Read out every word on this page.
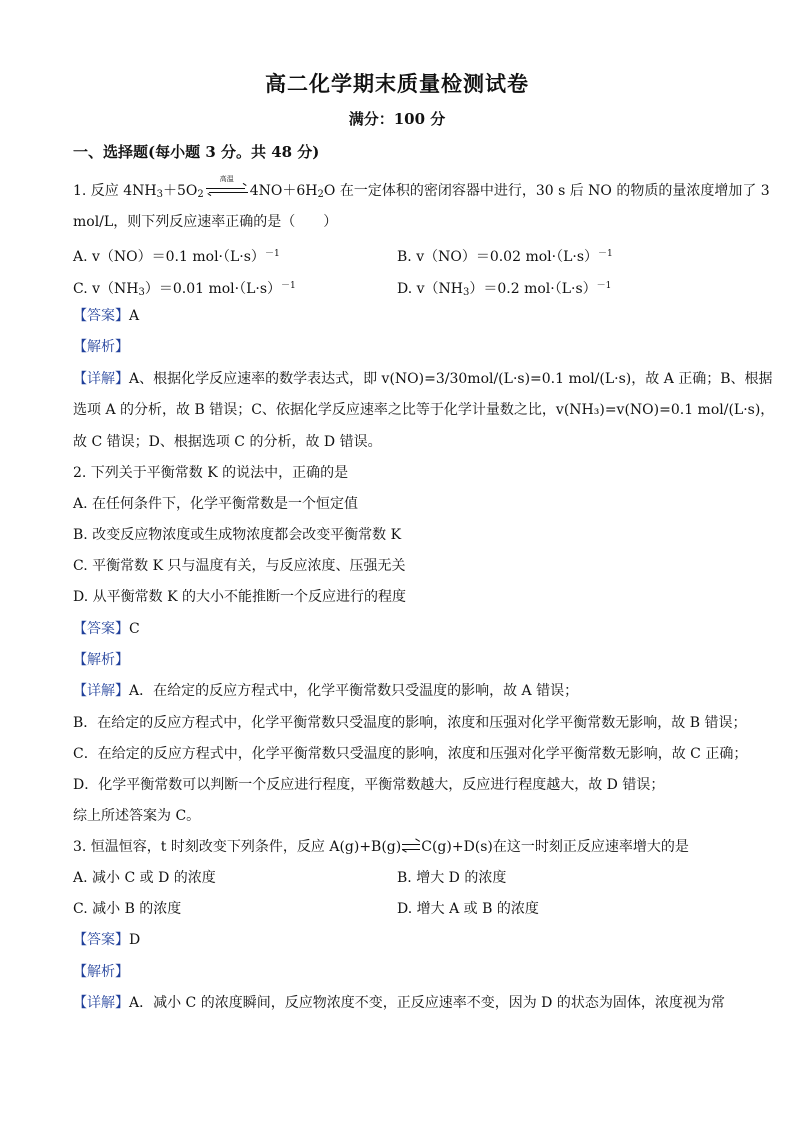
高二化学期末质量检测试卷
满分：100 分
一、选择题(每小题 3 分。共 48 分)
1. 反应 $4NH_3+5O_2$
高温
$4NO+6H_2O$ 在一定体积的密闭容器中进行，30 s 后 NO 的物质的量浓度增加了 3
mol/L，则下列反应速率正确的是（　　）
A. v（NO）＝0.1 $mol\cdot(L\cdot s)^{-1}$	B. v（NO）＝0.02 $mol\cdot(L\cdot s)^{-1}$
C. $v(NH_3)=0.01$ $mol\cdot(L\cdot s)^{-1}$	D. $v(NH_3)=0.2$ $mol\cdot(L\cdot s)^{-1}$
【答案】A
【解析】
【详解】A、根据化学反应速率的数学表达式，即 v(NO)=3/30mol/(L·s)=0.1 mol/(L·s)，故 A 正确；B、根据
选项 A 的分析，故 B 错误；C、依据化学反应速率之比等于化学计量数之比，v(NH₃)=v(NO)=0.1 mol/(L·s)，
故 C 错误；D、根据选项 C 的分析，故 D 错误。
2. 下列关于平衡常数 K 的说法中，正确的是
A. 在任何条件下，化学平衡常数是一个恒定值
B. 改变反应物浓度或生成物浓度都会改变平衡常数 K
C. 平衡常数 K 只与温度有关，与反应浓度、压强无关
D. 从平衡常数 K 的大小不能推断一个反应进行的程度
【答案】C
【解析】
【详解】A．在给定的反应方程式中，化学平衡常数只受温度的影响，故 A 错误；
B．在给定的反应方程式中，化学平衡常数只受温度的影响，浓度和压强对化学平衡常数无影响，故 B 错误；
C．在给定的反应方程式中，化学平衡常数只受温度的影响，浓度和压强对化学平衡常数无影响，故 C 正确；
D．化学平衡常数可以判断一个反应进行程度，平衡常数越大，反应进行程度越大，故 D 错误；
综上所述答案为 C。
3. 恒温恒容，t 时刻改变下列条件，反应 A(g)+B(g)⇌C(g)+D(s)在这一时刻正反应速率增大的是
A. 减小 C 或 D 的浓度	B. 增大 D 的浓度
C. 减小 B 的浓度	D. 增大 A 或 B 的浓度
【答案】D
【解析】
【详解】A．减小 C 的浓度瞬间，反应物浓度不变，正反应速率不变，因为 D 的状态为固体，浓度视为常
